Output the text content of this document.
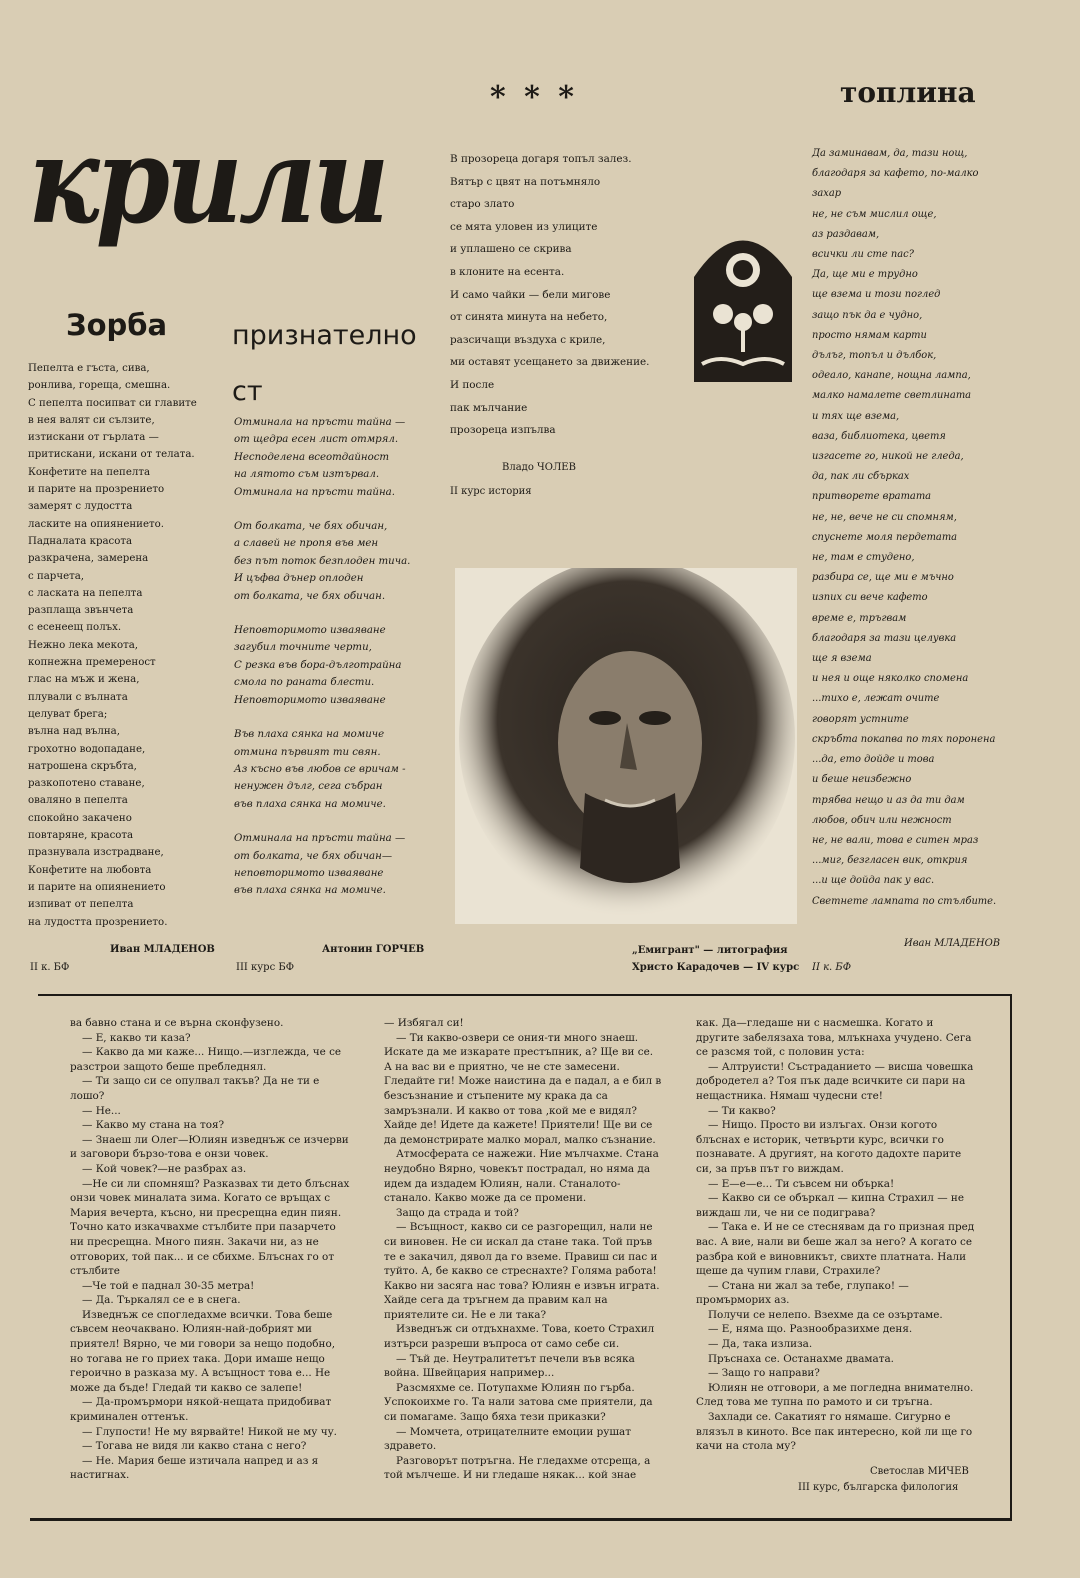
крили
Зорба
Пепелта е гъста, сива,
ронлива, гореща, смешна.
С пепелта посипват си главите
в нея валят си сълзите,
изтискани от гърлата —
притискани, искани от телата.
Конфетите на пепелта
и парите на прозрението
замерят с лудостта
ласките на опиянението.
Падналата красота
разкрачена, замерена
с парчета,
с ласката на пепелта
разплаща звънчета
с есенеещ полъх.
Нежно лека мекота,
копнежна премереност
глас на мъж и жена,
плували с вълната
целуват брега;
вълна над вълна,
грохотно водопадане,
натрошена скръбта,
разкопотено ставане,
оваляно в пепелта
спокойно закачено
повтаряне, красота
празнувала изстрадване,
Конфетите на любовта
и парите на опиянението
изпиват от пепелта
на лудостта прозрението.
Иван МЛАДЕНОВ
II к. БФ
признателност
Отминала на пръсти тайна —
от щедра есен лист отмрял.
Несподелена всеотдайност
на лятото съм изтървал.
Отминала на пръсти тайна.
От болката, че бях обичан,
а славей не пропя във мен
без път поток безплоден тича.
И цъфва дънер оплоден
от болката, че бях обичан.
Неповторимото изваяване
загубил точните черти,
С резка във бора-дълготрайна
смола по раната блести.
Неповторимото изваяване
Във плаха сянка на момиче
отмина първият ти свян.
Аз късно във любов се вричам -
ненужен дълг, сега събран
във плаха сянка на момиче.
Отминала на пръсти тайна —
от болката, че бях обичан—
неповторимото изваяване
във плаха сянка на момиче.
Антонин ГОРЧЕВ
III курс БФ
* * *
В прозореца догаря топъл залез.
Вятър с цвят на потъмняло
старо злато
се мята уловен из улиците
и уплашено се скрива
в клоните на есента.
И само чайки — бели мигове
от синята минута на небето,
разсичащи въздуха с криле,
ми оставят усещането за движение.
И после
пак мълчание
прозореца изпълва
Владо ЧОЛЕВ
II курс история
„Емигрант" — литография
Христо Карадочев — IV курс
топлина
Да заминавам, да, тази нощ,
благодаря за кафето, по-малко
захар
не, не съм мислил още,
аз раздавам,
всички ли сте пас?
Да, ще ми е трудно
ще взема и този поглед
защо пък да е чудно,
просто нямам карти
дълъг, топъл и дълбок,
одеало, канапе, нощна лампа,
малко намалете светлината
и тях ще взема,
ваза, библиотека, цветя
изгасете го, никой не гледа,
да, пак ли сбърках
притворете вратата
не, не, вече не си спомням,
спуснете моля пердетата
не, там е студено,
разбира се, ще ми е мъчно
изпих си вече кафето
време е, тръгвам
благодаря за тази целувка
ще я взема
и нея и още няколко спомена
...тихо е, лежат очите
говорят устните
скръбта покапва по тях поронена
...да, ето дойде и това
и беше неизбежно
трябва нещо и аз да ти дам
любов, обич или нежност
не, не вали, това е ситен мраз
...миг, безгласен вик, открия
...и ще дойда пак у вас.
Светнете лампата по стълбите.
Иван МЛАДЕНОВ
II к. БФ

ва бавно стана и се върна сконфузено.

— Е, какво ти каза?

— Какво да ми каже... Нищо.—изглежда, че се разстрои защото беше пребледнял.

— Ти защо си се опулвал такъв? Да не ти е лошо?

— Не...

— Какво му стана на тоя?

— Знаеш ли Олег—Юлиян изведнъж се изчерви и заговори бързо-това е онзи човек.

— Кой човек?—не разбрах аз.

—Не си ли спомняш? Разказвах ти дето блъснах онзи човек миналата зима. Когато се връщах с Мария вечерта, късно, ни пресрещна един пиян. Точно като изкачвахме стълбите при пазарчето ни пресрещна. Много пиян. Закачи ни, аз не отговорих, той пак... и се сбихме. Блъснах го от стълбите

—Че той е паднал 30-35 метра!

— Да. Търкалял се е в снега.

Изведнъж се спогледахме всички. Това беше съвсем неочаквано. Юлиян-най-добрият ми приятел! Вярно, че ми говори за нещо подобно, но тогава не го приех така. Дори имаше нещо героично в разказа му. А всъщност това е... Не може да бъде! Гледай ти какво се залепе!

— Да-промърмори някой-нещата придобиват криминален оттенък.

— Глупости! Не му вярвайте! Никой не му чу.

— Тогава не видя ли какво стана с него?

— Не. Мария беше изтичала напред и аз я настигнах.

— Избягал си!

— Ти какво-озвери се ония-ти много знаеш. Искате да ме изкарате престъпник, а? Ще ви се. А на вас ви е приятно, че не сте замесени. Гледайте ги! Може наистина да е падал, а е бил в безсъзнание и стъпените му крака да са замръзнали. И какво от това ,кой ме е видял? Хайде де! Идете да кажете! Приятели! Ще ви се да демонстрирате малко морал, малко съзнание.

Атмосферата се нажежи. Ние мълчахме. Стана неудобно Вярно, човекът пострадал, но няма да идем да издадем Юлиян, нали. Станалото-станало. Какво може да се промени.

Защо да страда и той?

— Всъщност, какво си се разгорещил, нали не си виновен. Не си искал да стане така. Той пръв те е закачил, дявол да го вземе. Правиш си пас и туйто. А, бе какво се стреснахте? Голяма работа! Какво ни засяга нас това? Юлиян е извън играта. Хайде сега да тръгнем да правим кал на приятелите си. Не е ли така?

Изведнъж си отдъхнахме. Това, което Страхил изтърси разреши въпроса от само себе си.

— Тъй де. Неутралитетът печели във всяка война. Швейцария например...

Разсмяхме се. Потупахме Юлиян по гърба. Успокоихме го. Та нали затова сме приятели, да си помагаме. Защо бяха тези приказки?

— Момчета, отрицателните емоции рушат здравето.

Разговорът потръгна. Не гледахме отсреща, а той мълчеше. И ни гледаше някак... кой знае

как. Да—гледаше ни с насмешка. Когато и другите забелязаха това, млъкнаха учудено. Сега се разсмя той, с половин уста:

— Алтруисти! Състраданието — висша човешка добродетел а? Тоя пък даде всичките си пари на нещастника. Нямаш чудесни сте!

— Ти какво?

— Нищо. Просто ви излъгах. Онзи когото блъснах е историк, четвърти курс, всички го познавате. А другият, на когото дадохте парите си, за пръв път го виждам.

— Е—е—е... Ти съвсем ни обърка!

— Какво си се объркал — кипна Страхил — не виждаш ли, че ни се подиграва?

— Така е. И не се стеснявам да го призная пред вас. А вие, нали ви беше жал за него? А когато се разбра кой е виновникът, свихте платната. Нали щеше да чупим глави, Страхиле?

— Стана ни жал за тебе, глупако! — промърморих аз.

Получи се нелепо. Взехме да се озъртаме.

— Е, няма що. Разнообразихме деня.

— Да, така излиза.

Пръснаха се. Останахме двамата.

— Защо го направи?

Юлиян не отговори, а ме погледна внимателно. След това ме тупна по рамото и си тръгна.

Захлади се. Сакатият го нямаше. Сигурно е влязъл в киното. Все пак интересно, кой ли ще го качи на стола му?

Светослав МИЧЕВ
III курс, българска филология
